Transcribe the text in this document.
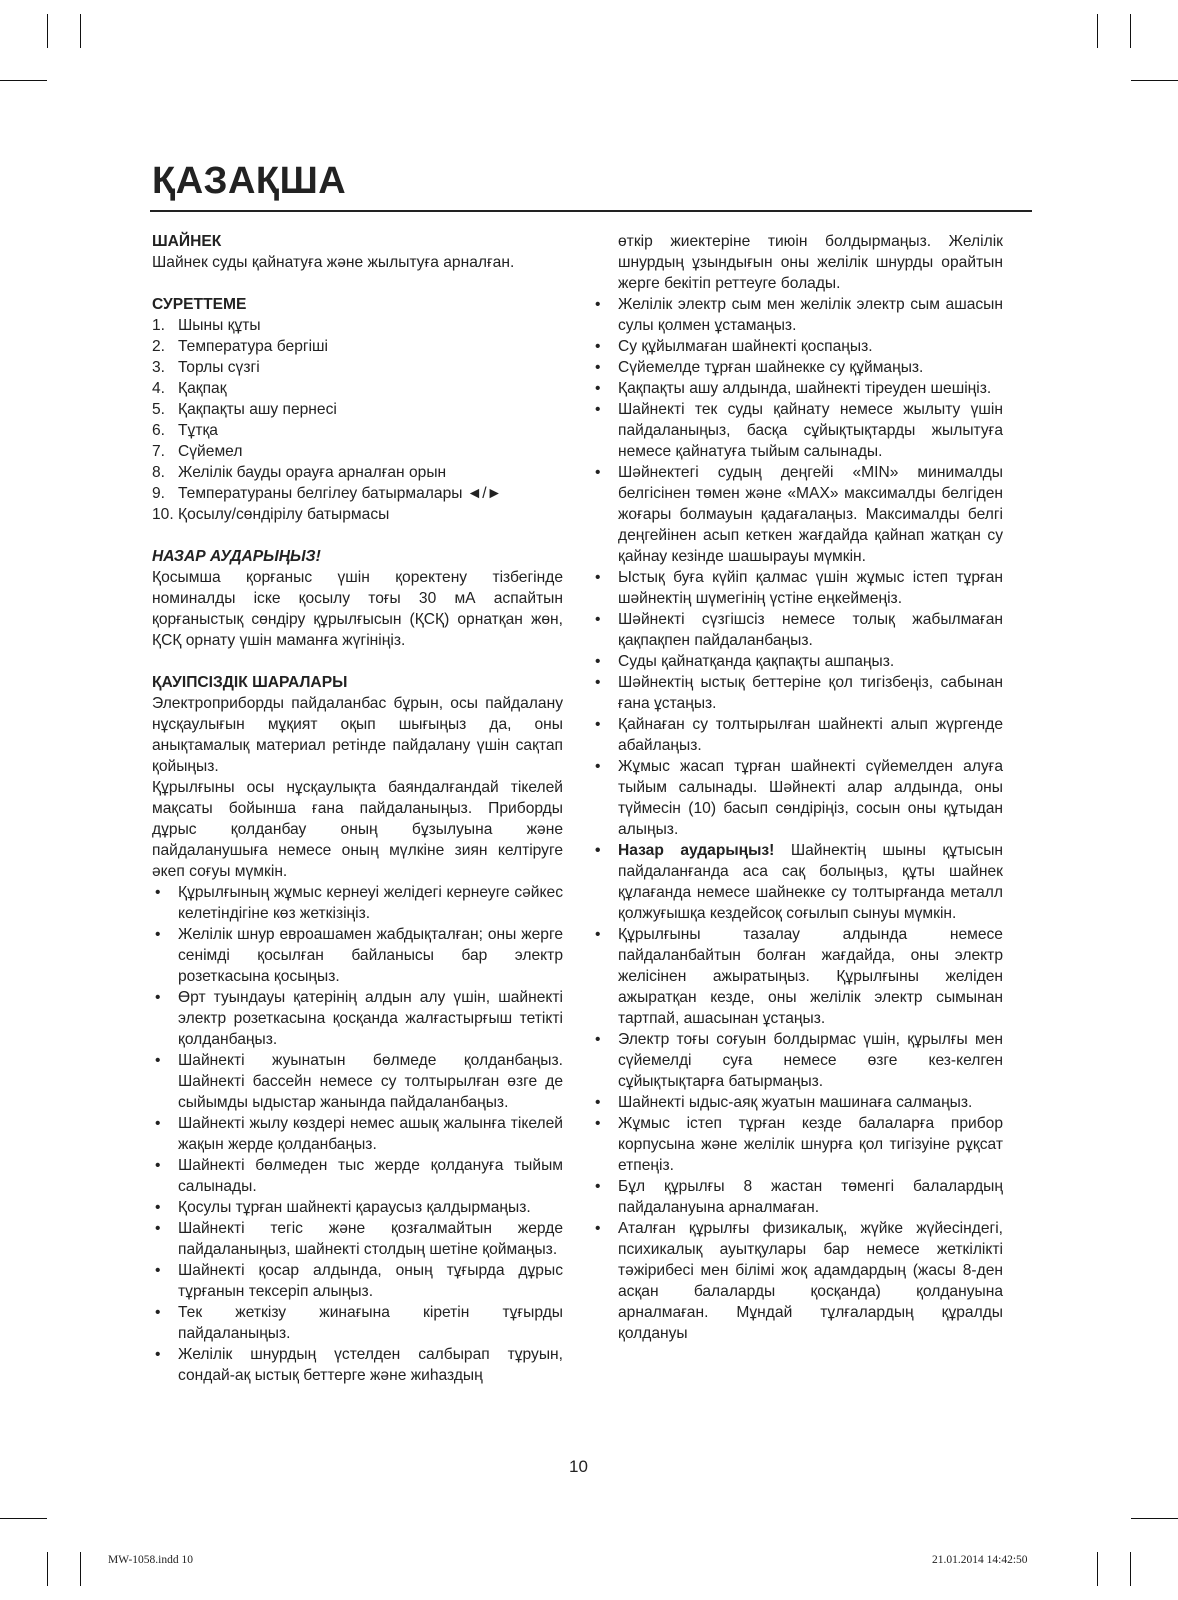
ҚАЗАҚША

ШАЙНЕК

Шайнек суды қайнатуға және жылытуға арналған.

СУРЕТТЕМЕ

1. Шыны құты
2. Температура бергіші
3. Торлы сүзгі
4. Қақпақ
5. Қақпақты ашу пернесі
6. Тұтқа
7. Сүйемел
8. Желілік бауды орауға арналған орын
9. Температураны белгілеу батырмалары ◄/►
10. Қосылу/сөндірілу батырмасы

НАЗАР АУДАРЫҢЫЗ!

Қосымша қорғаныс үшін қоректену тізбегінде номиналды іске қосылу тоғы 30 мА аспайтын қорғаныстық сөндіру құрылғысын (ҚСҚ) орнатқан жөн, ҚСҚ орнату үшін маманға жүгініңіз.

ҚАУІПСІЗДІК ШАРАЛАРЫ

Электроприборды пайдаланбас бұрын, осы пайдалану нұсқаулығын мұқият оқып шығыңыз да, оны анықтамалық материал ретінде пайдалану үшін сақтап қойыңыз.

Құрылғыны осы нұсқаулықта баяндалғандай тікелей мақсаты бойынша ғана пайдаланыңыз. Приборды дұрыс қолданбау оның бұзылуына және пайдаланушыға немесе оның мүлкіне зиян келтіруге әкеп соғуы мүмкін.

• Құрылғының жұмыс кернеуі желідегі кернеуге сәйкес келетіндігіне көз жеткізіңіз.
• Желілік шнур евроашамен жабдықталған; оны жерге сенімді қосылған байланысы бар электр розеткасына қосыңыз.
• Өрт туындауы қатерінің алдын алу үшін, шайнекті электр розеткасына қосқанда жалғастырғыш тетікті қолданбаңыз.
• Шайнекті жуынатын бөлмеде қолданбаңыз. Шайнекті бассейн немесе су толтырылған өзге де сыйымды ыдыстар жанында пайдаланбаңыз.
• Шайнекті жылу көздері немес ашық жалынға тікелей жақын жерде қолданбаңыз.
• Шайнекті бөлмеден тыс жерде қолдануға тыйым салынады.
• Қосулы тұрған шайнекті қараусыз қалдырмаңыз.
• Шайнекті тегіс және қозғалмайтын жерде пайдаланыңыз, шайнекті столдың шетіне қоймаңыз.
• Шайнекті қосар алдында, оның тұғырда дұрыс тұрғанын тексеріп алыңыз.
• Тек жеткізу жинағына кіретін тұғырды пайдаланыңыз.
• Желілік шнурдың үстелден салбырап тұруын, сондай-ақ ыстық беттерге және жиһаздың

өткір жиектеріне тиюін болдырмаңыз. Желілік шнурдың ұзындығын оны желілік шнурды орайтын жерге бекітіп реттеуге болады.

• Желілік электр сым мен желілік электр сым ашасын сулы қолмен ұстамаңыз.
• Су құйылмаған шайнекті қоспаңыз.
• Сүйемелде тұрған шайнекке су құймаңыз.
• Қақпақты ашу алдында, шайнекті тіреуден шешіңіз.
• Шайнекті тек суды қайнату немесе жылыту үшін пайдаланыңыз, басқа сұйықтықтарды жылытуға немесе қайнатуға тыйым салынады.
• Шәйнектегі судың деңгейі «MIN» минималды белгісінен төмен және «MAX» максималды белгіден жоғары болмауын қадағалаңыз. Максималды белгі деңгейінен асып кеткен жағдайда қайнап жатқан су қайнау кезінде шашырауы мүмкін.
• Ыстық буға күйіп қалмас үшін жұмыс істеп тұрған шәйнектің шүмегінің үстіне еңкеймеңіз.
• Шәйнекті сүзгішсіз немесе толық жабылмаған қақпақпен пайдаланбаңыз.
• Суды қайнатқанда қақпақты ашпаңыз.
• Шәйнектің ыстық беттеріне қол тигізбеңіз, сабынан ғана ұстаңыз.
• Қайнаған су толтырылған шайнекті алып жүргенде абайлаңыз.
• Жұмыс жасап тұрған шайнекті сүйемелден алуға тыйым салынады. Шәйнекті алар алдында, оны түймесін (10) басып сөндіріңіз, сосын оны құтыдан алыңыз.
• Назар аударыңыз! Шайнектің шыны құтысын пайдаланғанда аса сақ болыңыз, құты шайнек құлағанда немесе шайнекке су толтырғанда металл қолжуғышқа кездейсоқ соғылып сынуы мүмкін.
• Құрылғыны тазалау алдында немесе пайдаланбайтын болған жағдайда, оны электр желісінен ажыратыңыз. Құрылғыны желіден ажыратқан кезде, оны желілік электр сымынан тартпай, ашасынан ұстаңыз.
• Электр тоғы соғуын болдырмас үшін, құрылғы мен сүйемелді суға немесе өзге кез-келген сұйықтықтарға батырмаңыз.
• Шайнекті ыдыс-аяқ жуатын машинаға салмаңыз.
• Жұмыс істеп тұрған кезде балаларға прибор корпусына және желілік шнурға қол тигізуіне рұқсат етпеңіз.
• Бұл құрылғы 8 жастан төменгі балалардың пайдалануына арналмаған.
• Аталған құрылғы физикалық, жүйке жүйесіндегі, психикалық ауытқулары бар немесе жеткілікті тәжірибесі мен білімі жоқ адамдардың (жасы 8-ден асқан балаларды қосқанда) қолдануына арналмаған. Мұндай тұлғалардың құралды қолдануы
10
MW-1058.indd 10	21.01.2014 14:42:50
